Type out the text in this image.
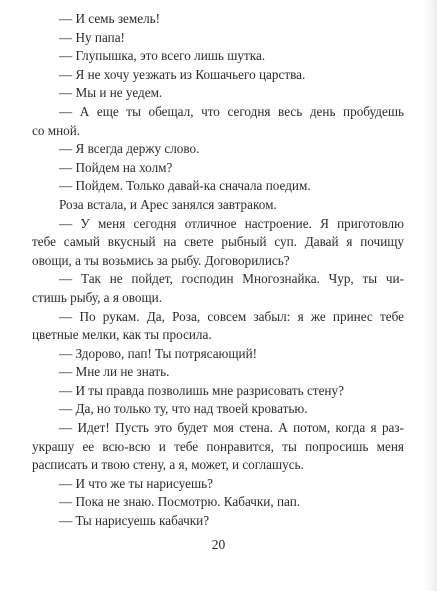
— И семь земель!
— Ну папа!
— Глупышка, это всего лишь шутка.
— Я не хочу уезжать из Кошачьего царства.
— Мы и не уедем.
— А еще ты обещал, что сегодня весь день пробудешь
со мной.
— Я всегда держу слово.
— Пойдем на холм?
— Пойдем. Только давай-ка сначала поедим.
Роза встала, и Арес занялся завтраком.
— У меня сегодня отличное настроение. Я приготовлю
тебе самый вкусный на свете рыбный суп. Давай я почищу
овощи, а ты возьмись за рыбу. Договорились?
— Так не пойдет, господин Многознайка. Чур, ты чи-
стишь рыбу, а я овощи.
— По рукам. Да, Роза, совсем забыл: я же принес тебе
цветные мелки, как ты просила.
— Здорово, пап! Ты потрясающий!
— Мне ли не знать.
— И ты правда позволишь мне разрисовать стену?
— Да, но только ту, что над твоей кроватью.
— Идет! Пусть это будет моя стена. А потом, когда я раз-
украшу ее всю-всю и тебе понравится, ты попросишь меня
расписать и твою стену, а я, может, и соглашусь.
— И что же ты нарисуешь?
— Пока не знаю. Посмотрю. Кабачки, пап.
— Ты нарисуешь кабачки?
20
